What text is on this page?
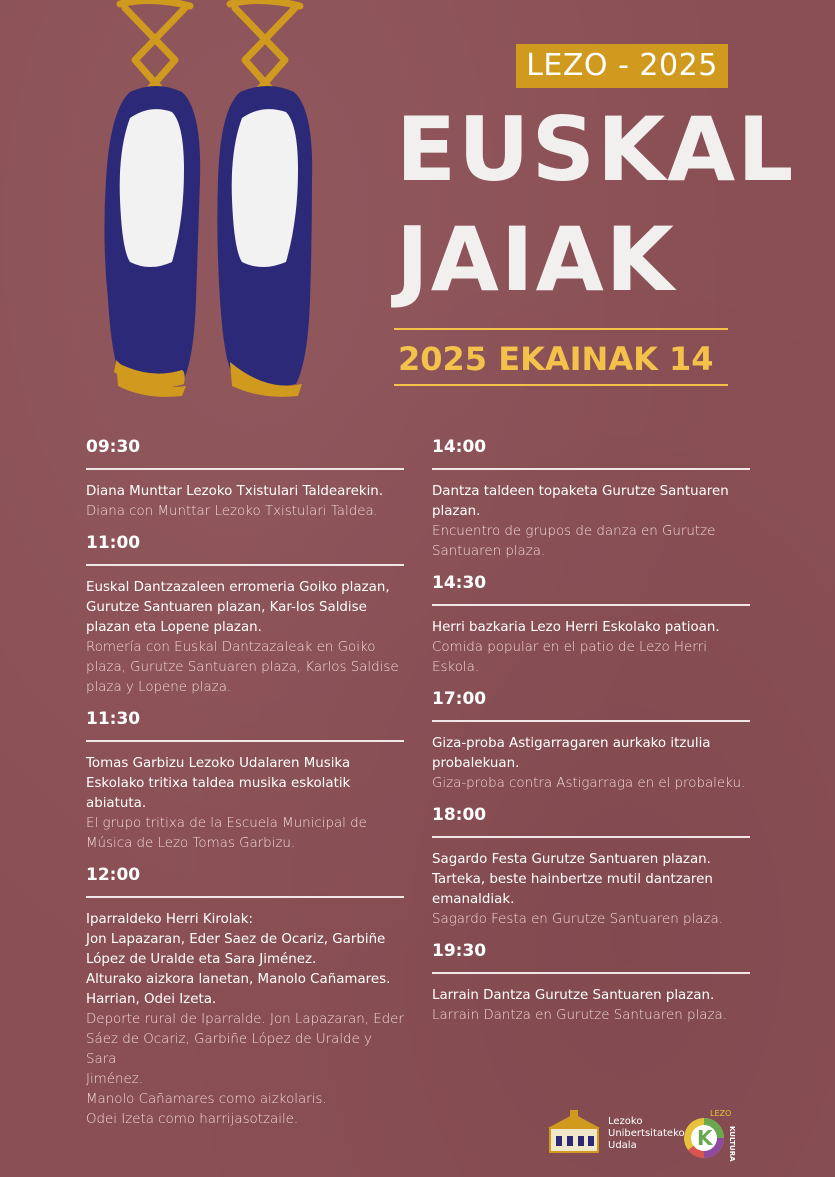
LEZO - 2025
EUSKAL
JAIAK
2025 EKAINAK 14
09:30
Diana Munttar Lezoko Txistulari Taldearekin.
Diana con Munttar Lezoko Txistulari Taldea.
11:00
Euskal Dantzazaleen erromeria Goiko plazan,
Gurutze Santuaren plazan, Kar-los Saldise
plazan eta Lopene plazan.
Romería con Euskal Dantzazaleak en Goiko
plaza, Gurutze Santuaren plaza, Karlos Saldise
plaza y Lopene plaza.
11:30
Tomas Garbizu Lezoko Udalaren Musika
Eskolako tritixa taldea musika eskolatik
abiatuta.
El grupo tritixa de la Escuela Municipal de
Música de Lezo Tomas Garbizu.
12:00
Iparraldeko Herri Kirolak:
Jon Lapazaran, Eder Saez de Ocariz, Garbiñe
López de Uralde eta Sara Jiménez.
Alturako aizkora lanetan, Manolo Cañamares.
Harrian, Odei Izeta.
Deporte rural de Iparralde. Jon Lapazaran, Eder
Sáez de Ocariz, Garbiñe López de Uralde y Sara
Jiménez.
Manolo Cañamares como aizkolaris.
Odei Izeta como harrijasotzaile.
14:00
Dantza taldeen topaketa Gurutze Santuaren
plazan.
Encuentro de grupos de danza en Gurutze
Santuaren plaza.
14:30
Herri bazkaria Lezo Herri Eskolako patioan.
Comida popular en el patio de Lezo Herri
Eskola.
17:00
Giza-proba Astigarragaren aurkako itzulia
probalekuan.
Giza-proba contra Astigarraga en el probaleku.
18:00
Sagardo Festa Gurutze Santuaren plazan.
Tarteka, beste hainbertze mutil dantzaren
emanaldiak.
Sagardo Festa en Gurutze Santuaren plaza.
19:30
Larrain Dantza Gurutze Santuaren plazan.
Larrain Dantza en Gurutze Santuaren plaza.
Lezoko
Unibertsitateko
Udala	K
LEZO
KULTURA
